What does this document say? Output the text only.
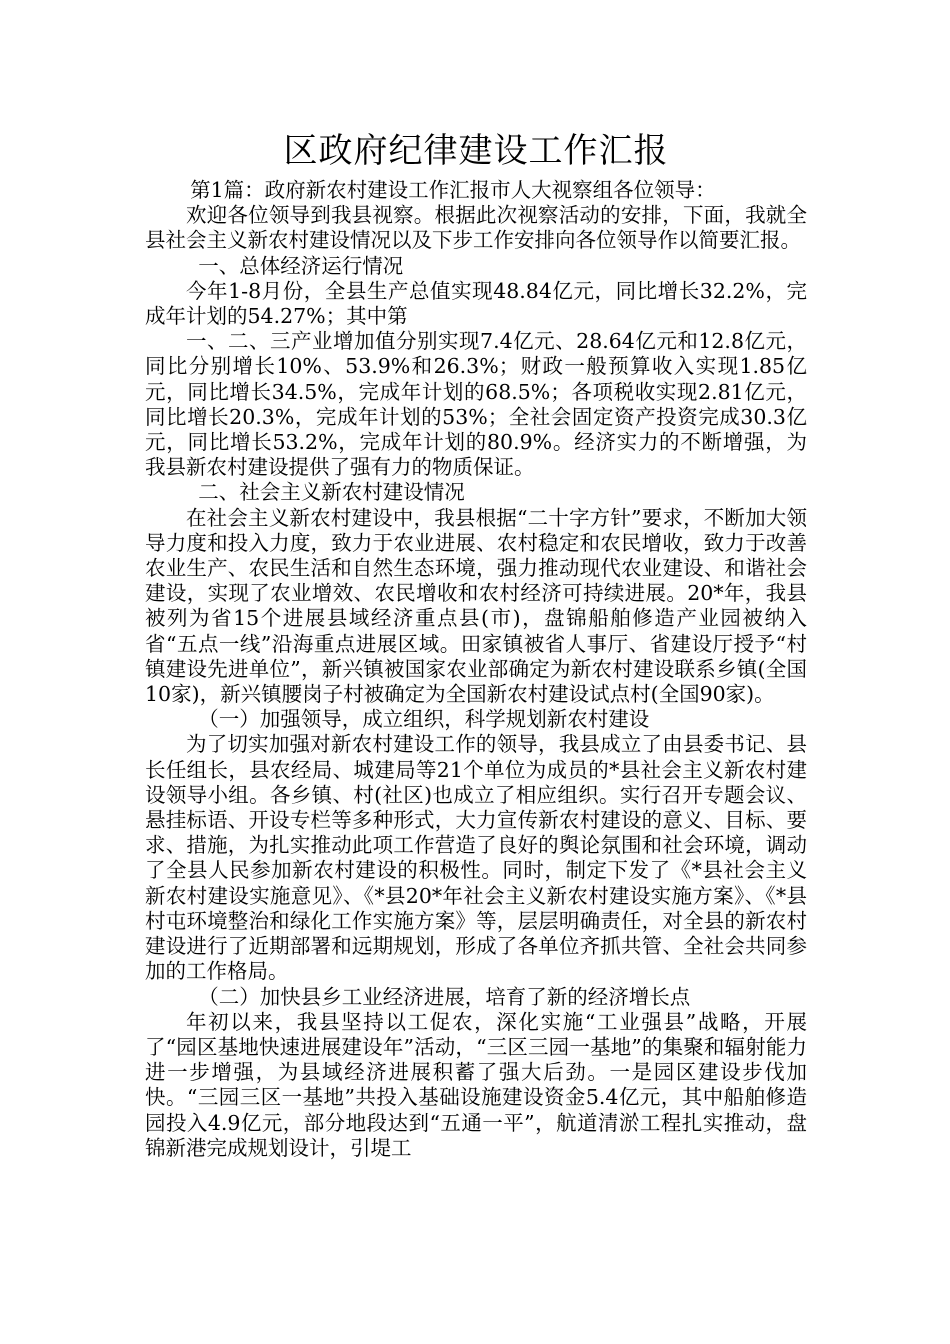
区政府纪律建设工作汇报

第1篇：政府新农村建设工作汇报市人大视察组各位领导：

欢迎各位领导到我县视察。根据此次视察活动的安排，下面，我就全县社会主义新农村建设情况以及下步工作安排向各位领导作以简要汇报。

一、总体经济运行情况

今年1-8月份，全县生产总值实现48.84亿元，同比增长32.2%，完成年计划的54.27%；其中第

一、二、三产业增加值分别实现7.4亿元、28.64亿元和12.8亿元，同比分别增长10%、53.9%和26.3%；财政一般预算收入实现1.85亿元，同比增长34.5%，完成年计划的68.5%；各项税收实现2.81亿元，同比增长20.3%，完成年计划的53%；全社会固定资产投资完成30.3亿元，同比增长53.2%，完成年计划的80.9%。经济实力的不断增强，为我县新农村建设提供了强有力的物质保证。

二、社会主义新农村建设情况

在社会主义新农村建设中，我县根据“二十字方针”要求，不断加大领导力度和投入力度，致力于农业进展、农村稳定和农民增收，致力于改善农业生产、农民生活和自然生态环境，强力推动现代农业建设、和谐社会建设，实现了农业增效、农民增收和农村经济可持续进展。20*年，我县被列为省15个进展县域经济重点县(市)，盘锦船舶修造产业园被纳入省“五点一线”沿海重点进展区域。田家镇被省人事厅、省建设厅授予“村镇建设先进单位”，新兴镇被国家农业部确定为新农村建设联系乡镇(全国10家)，新兴镇腰岗子村被确定为全国新农村建设试点村(全国90家)。

（一）加强领导，成立组织，科学规划新农村建设

为了切实加强对新农村建设工作的领导，我县成立了由县委书记、县长任组长，县农经局、城建局等21个单位为成员的*县社会主义新农村建设领导小组。各乡镇、村(社区)也成立了相应组织。实行召开专题会议、悬挂标语、开设专栏等多种形式，大力宣传新农村建设的意义、目标、要求、措施，为扎实推动此项工作营造了良好的舆论氛围和社会环境，调动了全县人民参加新农村建设的积极性。同时，制定下发了《*县社会主义新农村建设实施意见》、《*县20*年社会主义新农村建设实施方案》、《*县村屯环境整治和绿化工作实施方案》等，层层明确责任，对全县的新农村建设进行了近期部署和远期规划，形成了各单位齐抓共管、全社会共同参加的工作格局。

（二）加快县乡工业经济进展，培育了新的经济增长点

年初以来，我县坚持以工促农，深化实施“工业强县”战略，开展了“园区基地快速进展建设年”活动，“三区三园一基地”的集聚和辐射能力进一步增强，为县域经济进展积蓄了强大后劲。一是园区建设步伐加快。“三园三区一基地”共投入基础设施建设资金5.4亿元，其中船舶修造园投入4.9亿元，部分地段达到“五通一平”，航道清淤工程扎实推动，盘锦新港完成规划设计，引堤工
